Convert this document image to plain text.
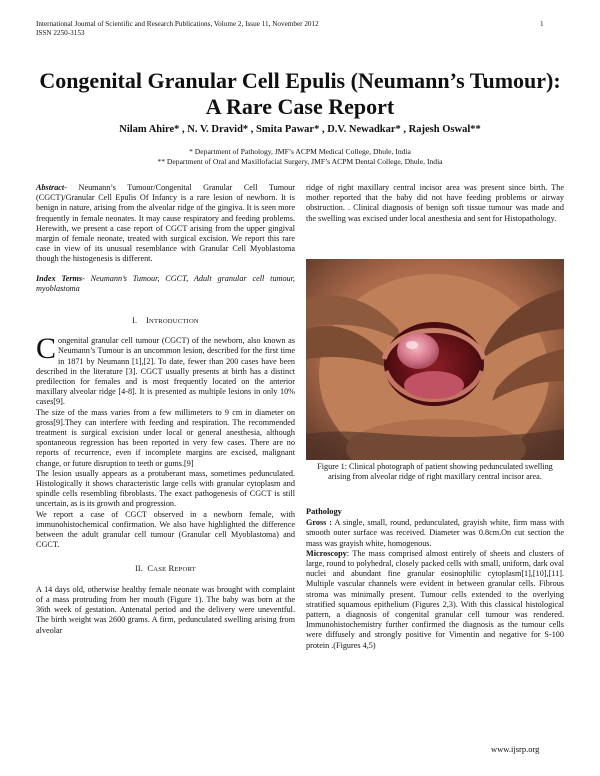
International Journal of Scientific and Research Publications, Volume 2, Issue 11, November 2012
ISSN 2250-3153
1
Congenital Granular Cell Epulis (Neumann’s Tumour):
A Rare Case Report
Nilam Ahire* , N. V. Dravid* , Smita Pawar* , D.V. Newadkar* , Rajesh Oswal**
* Department of Pathology, JMF’s ACPM Medical College, Dhule, India
** Department of Oral and Maxillofacial Surgery, JMF’s ACPM Dental College, Dhule, India

Abstract- Neumann’s Tumour/Congenital Granular Cell Tumour (CGCT)/Granular Cell Epulis Of Infancy is a rare lesion of newborn. It is benign in nature, arising from the alveolar ridge of the gingiva. It is seen more frequently in female neonates. It may cause respiratory and feeding problems. Herewith, we present a case report of CGCT arising from the upper gingival margin of female neonate, treated with surgical excision. We report this rare case in view of its unusual resemblance with Granular Cell Myoblastoma though the histogenesis is different.

Index Terms- Neumann’s Tumour, CGCT, Adult granular cell tumour, myoblastoma

I. INTRODUCTION

Congenital granular cell tumour (CGCT) of the newborn, also known as Neumann’s Tumour is an uncommon lesion, described for the first time in 1871 by Neumann [1],[2]. To date, fewer than 200 cases have been described in the literature [3]. CGCT usually presents at birth has a distinct predilection for females and is most frequently located on the anterior maxillary alveolar ridge [4-8]. It is presented as multiple lesions in only 10% cases[9].

The size of the mass varies from a few millimeters to 9 cm in diameter on gross[9].They can interfere with feeding and respiration. The recommended treatment is surgical excision under local or general anesthesia, although spontaneous regression has been reported in very few cases. There are no reports of recurrence, even if incomplete margins are excised, malignant change, or future disruption to teeth or gums.[9]

The lesion usually appears as a protuberant mass, sometimes pedunculated. Histologically it shows characteristic large cells with granular cytoplasm and spindle cells resembling fibroblasts. The exact pathogenesis of CGCT is still uncertain, as is its growth and progression.

We report a case of CGCT observed in a newborn female, with immunohistochemical confirmation. We also have highlighted the difference between the adult granular cell tumour (Granular cell Myoblastoma) and CGCT.

II. CASE REPORT

A 14 days old, otherwise healthy female neonate was brought with complaint of a mass protruding from her mouth (Figure 1). The baby was born at the 36th week of gestation. Antenatal period and the delivery were uneventful. The birth weight was 2600 grams. A firm, pedunculated swelling arising from alveolar

ridge of right maxillary central incisor area was present since birth. The mother reported that the baby did not have feeding problems or airway obstruction. . Clinical diagnosis of benign soft tissue tumour was made and the swelling was excised under local anesthesia and sent for Histopathology.

Figure 1: Clinical photograph of patient showing pedunculated swelling arising from alveolar ridge of right maxillary central incisor area.
Pathology

Gross : A single, small, round, pedunculated, grayish white, firm mass with smooth outer surface was received. Diameter was 0.8cm.On cut section the mass was grayish white, homogenous.

Microscopy: The mass comprised almost entirely of sheets and clusters of large, round to polyhedral, closely packed cells with small, uniform, dark oval nuclei and abundant fine granular eosinophilic cytoplasm[1],[10],[11]. Multiple vascular channels were evident in between granular cells. Fibrous stroma was minimally present. Tumour cells extended to the overlying stratified squamous epithelium (Figures 2,3). With this classical histological pattern, a diagnosis of congenital granular cell tumour was rendered. Immunohistochemistry further confirmed the diagnosis as the tumour cells were diffusely and strongly positive for Vimentin and negative for S-100 protein .(Figures 4,5)

www.ijsrp.org
